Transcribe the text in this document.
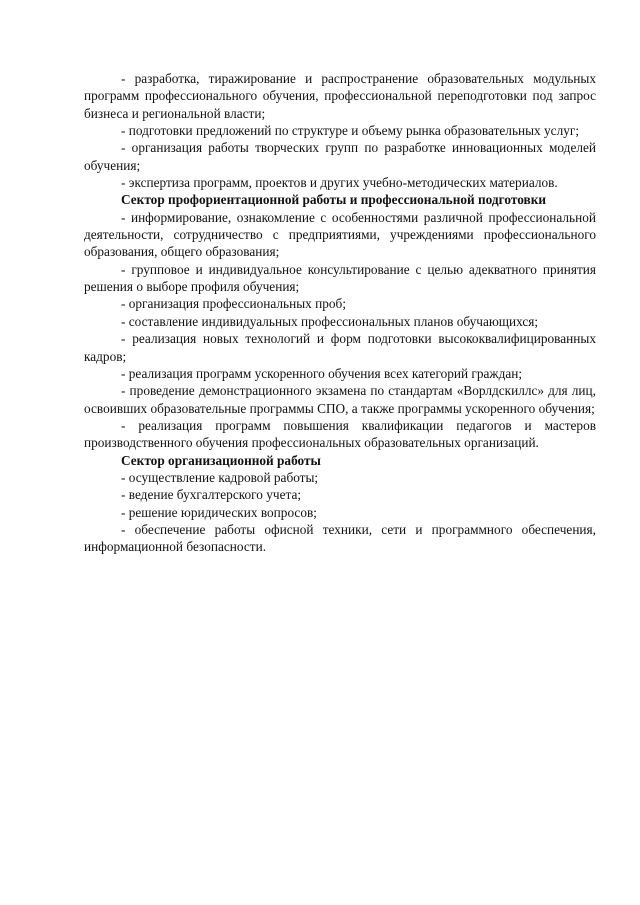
- разработка, тиражирование и распространение образовательных модульных программ профессионального обучения, профессиональной переподготовки под запрос бизнеса и региональной власти;

- подготовки предложений по структуре и объему рынка образовательных услуг;

- организация работы творческих групп по разработке инновационных моделей обучения;

- экспертиза программ, проектов и других учебно-методических материалов.

Сектор профориентационной работы и профессиональной подготовки

- информирование, ознакомление с особенностями различной профессиональной деятельности, сотрудничество с предприятиями, учреждениями профессионального образования, общего образования;

- групповое и индивидуальное консультирование с целью адекватного принятия решения о выборе профиля обучения;

- организация профессиональных проб;

- составление индивидуальных профессиональных планов обучающихся;

- реализация новых технологий и форм подготовки высококвалифицированных кадров;

- реализация программ ускоренного обучения всех категорий граждан;

- проведение демонстрационного экзамена по стандартам «Ворлдскиллс» для лиц, освоивших образовательные программы СПО, а также программы ускоренного обучения;

- реализация программ повышения квалификации педагогов и мастеров производственного обучения профессиональных образовательных организаций.

Сектор организационной работы

- осуществление кадровой работы;

- ведение бухгалтерского учета;

- решение юридических вопросов;

- обеспечение работы офисной техники, сети и программного обеспечения, информационной безопасности.
